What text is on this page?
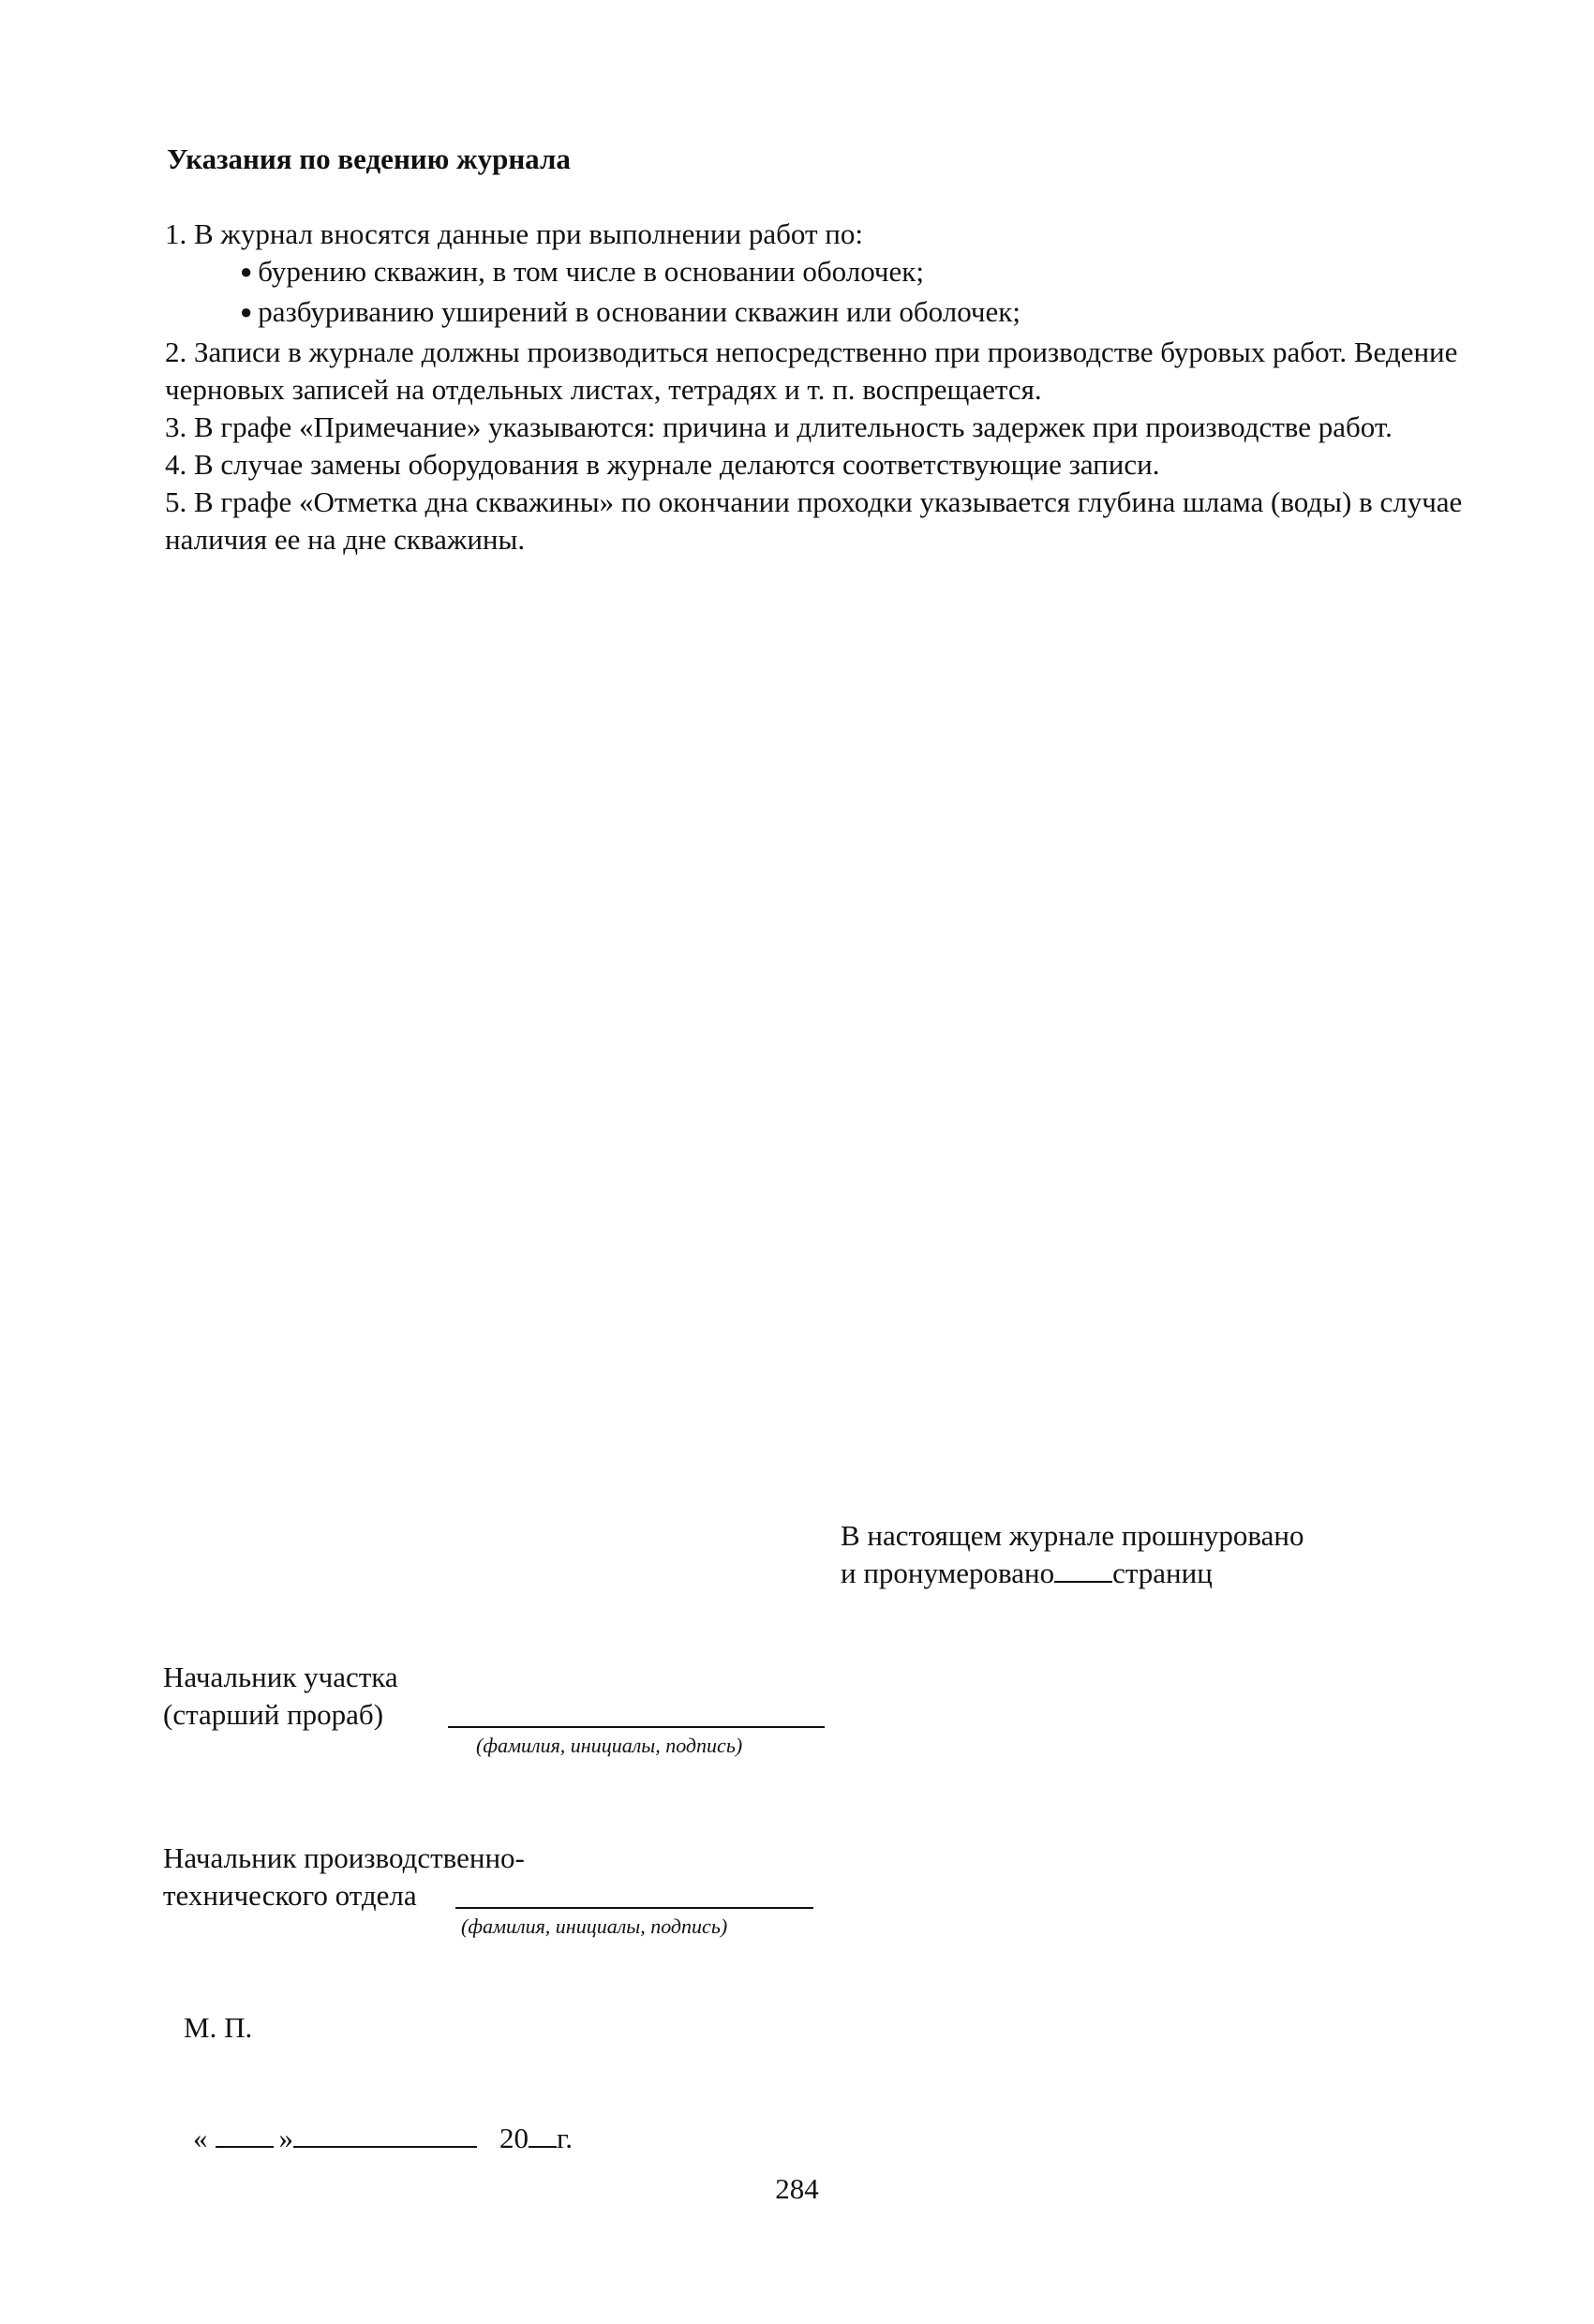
Указания по ведению журнала

1. В журнал вносятся данные при выполнении работ по:

● бурению скважин, в том числе в основании оболочек;

● разбуриванию уширений в основании скважин или оболочек;

2. Записи в журнале должны производиться непосредственно при производстве буровых работ. Ведение черновых записей на отдельных листах, тетрадях и т. п. воспрещается.

3. В графе «Примечание» указываются: причина и длительность задержек при производстве работ.

4. В случае замены оборудования в журнале делаются соответствующие записи.

5. В графе «Отметка дна скважины» по окончании проходки указывается глубина шлама (воды) в случае наличия ее на дне скважины.

В настоящем журнале прошнуровано
и пронумеровано страниц
Начальник участка
(старший прораб)
(фамилия, инициалы, подпись)
Начальник производственно-
технического отдела
(фамилия, инициалы, подпись)
М. П.
« »	20 г.
284
